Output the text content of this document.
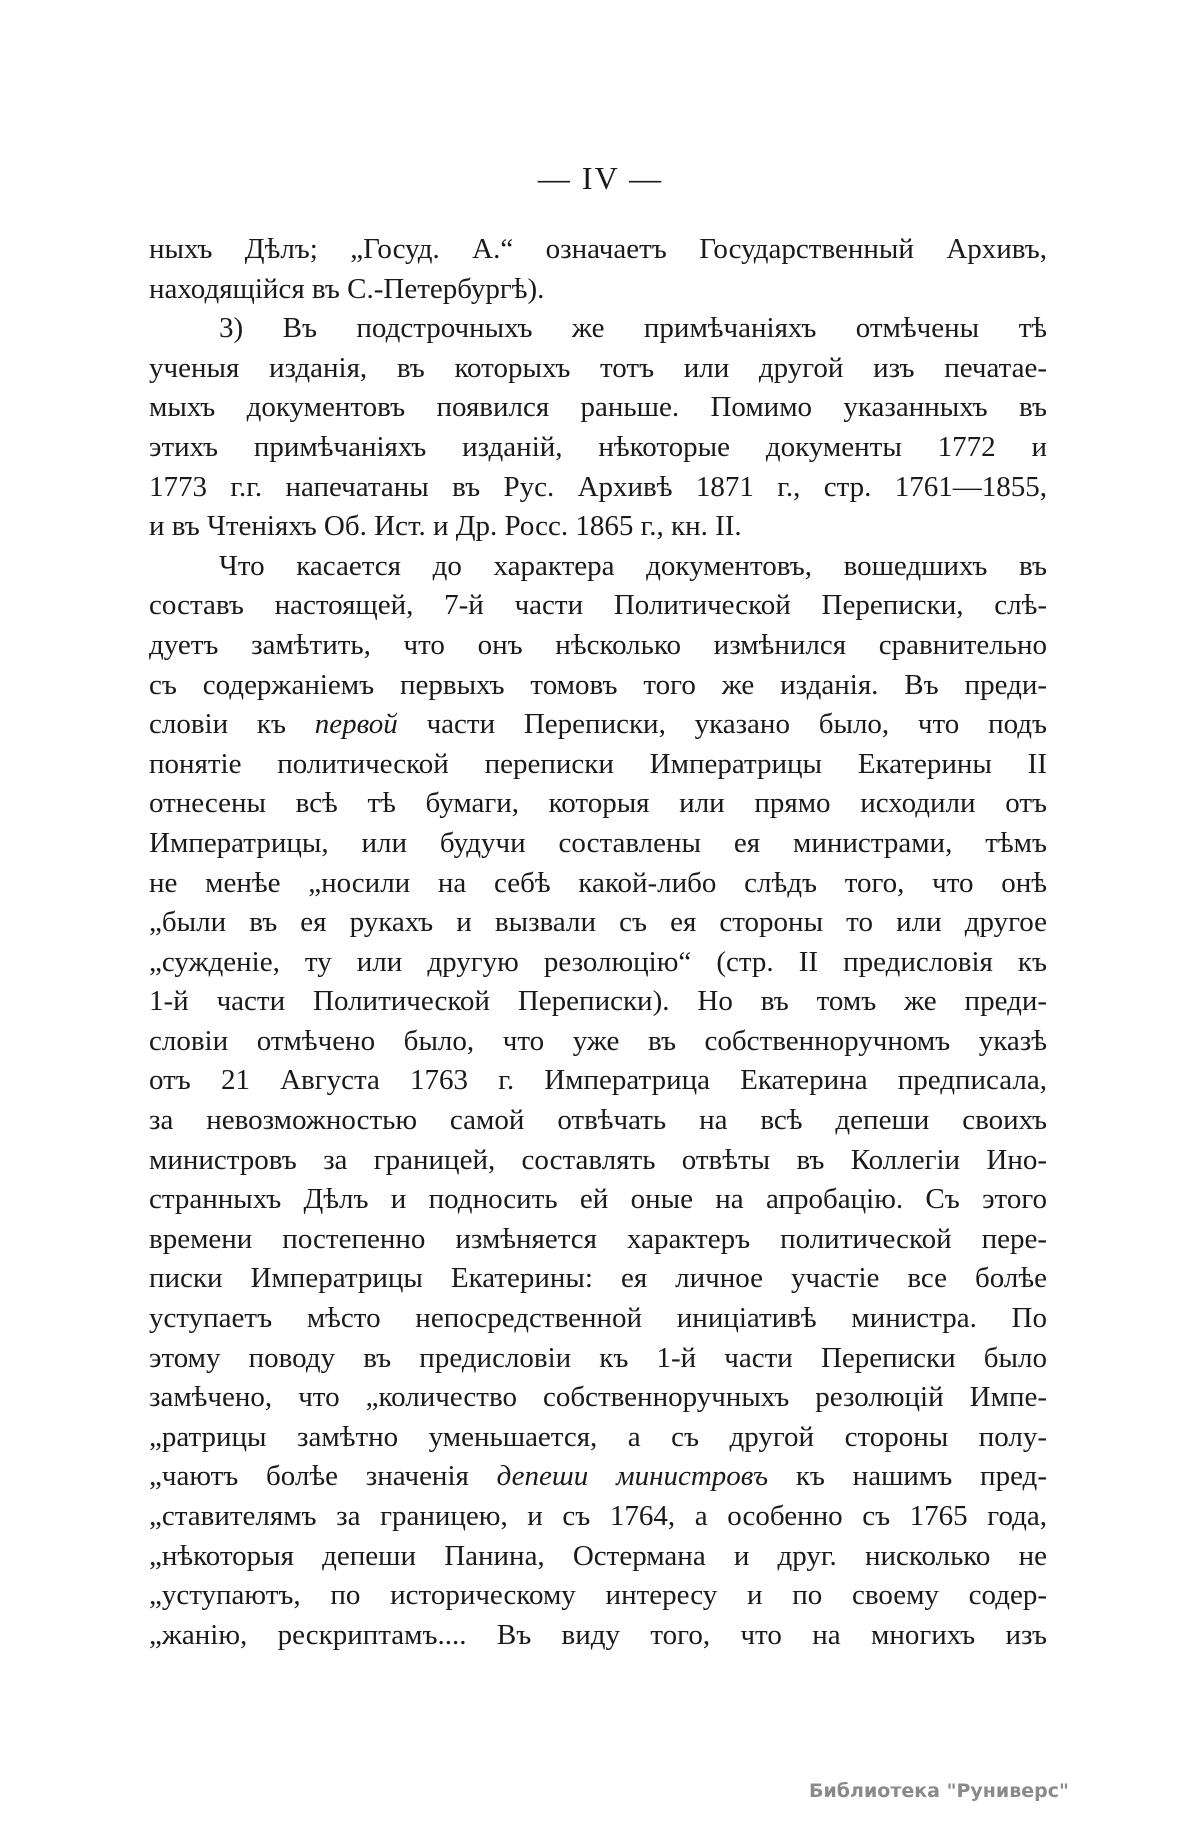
— IV —
ныхъ Дѣлъ; „Госуд. А.“ означаетъ Государственный Архивъ,
находящійся въ С.-Петербургѣ).
3) Въ подстрочныхъ же примѣчаніяхъ отмѣчены тѣ
ученыя изданія, въ которыхъ тотъ или другой изъ печатае-
мыхъ документовъ появился раньше. Помимо указанныхъ въ
этихъ примѣчаніяхъ изданій, нѣкоторые документы 1772 и
1773 г.г. напечатаны въ Рус. Архивѣ 1871 г., стр. 1761—1855,
и въ Чтеніяхъ Об. Ист. и Др. Росс. 1865 г., кн. II.
Что касается до характера документовъ, вошедшихъ въ
составъ настоящей, 7-й части Политической Переписки, слѣ-
дуетъ замѣтить, что онъ нѣсколько измѣнился сравнительно
съ содержаніемъ первыхъ томовъ того же изданія. Въ преди-
словіи къ первой части Переписки, указано было, что подъ
понятіе политической переписки Императрицы Екатерины II
отнесены всѣ тѣ бумаги, которыя или прямо исходили отъ
Императрицы, или будучи составлены ея министрами, тѣмъ
не менѣе „носили на себѣ какой-либо слѣдъ того, что онѣ
„были въ ея рукахъ и вызвали съ ея стороны то или другое
„сужденіе, ту или другую резолюцію“ (стр. II предисловія къ
1-й части Политической Переписки). Но въ томъ же преди-
словіи отмѣчено было, что уже въ собственноручномъ указѣ
отъ 21 Августа 1763 г. Императрица Екатерина предписала,
за невозможностью самой отвѣчать на всѣ депеши своихъ
министровъ за границей, составлять отвѣты въ Коллегіи Ино-
странныхъ Дѣлъ и подносить ей оные на апробацію. Съ этого
времени постепенно измѣняется характеръ политической пере-
писки Императрицы Екатерины: ея личное участіе все болѣе
уступаетъ мѣсто непосредственной иниціативѣ министра. По
этому поводу въ предисловіи къ 1-й части Переписки было
замѣчено, что „количество собственноручныхъ резолюцій Импе-
„ратрицы замѣтно уменьшается, а съ другой стороны полу-
„чаютъ болѣе значенія депеши министровъ къ нашимъ пред-
„ставителямъ за границею, и съ 1764, а особенно съ 1765 года,
„нѣкоторыя депеши Панина, Остермана и друг. нисколько не
„уступаютъ, по историческому интересу и по своему содер-
„жанію, рескриптамъ.... Въ виду того, что на многихъ изъ
Библиотека "Руниверс"
